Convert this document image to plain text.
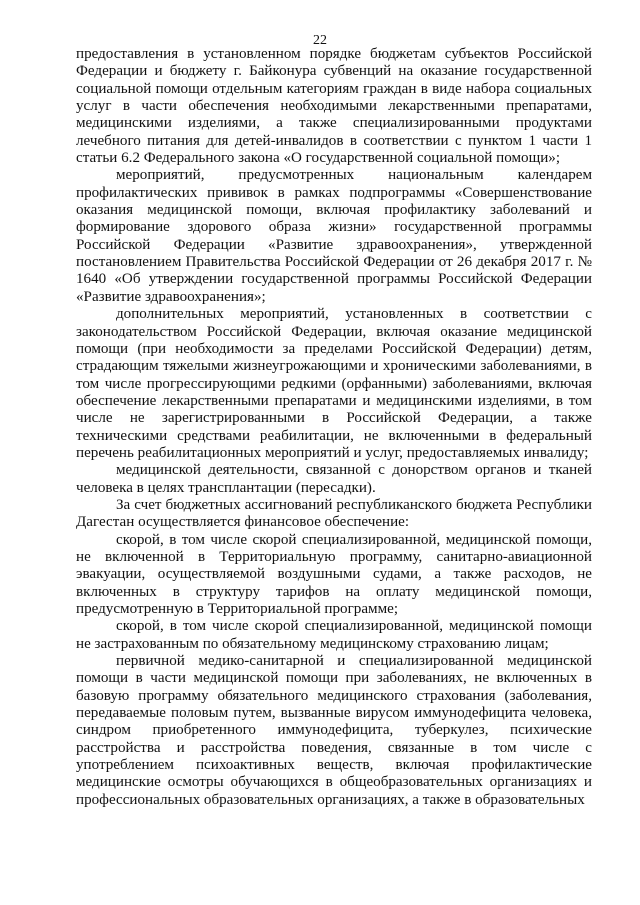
22

предоставления в установленном порядке бюджетам субъектов Российской Федерации и бюджету г. Байконура субвенций на оказание государственной социальной помощи отдельным категориям граждан в виде набора социальных услуг в части обеспечения необходимыми лекарственными препаратами, медицинскими изделиями, а также специализированными продуктами лечебного питания для детей-инвалидов в соответствии с пунктом 1 части 1 статьи 6.2 Федерального закона «О государственной социальной помощи»;

мероприятий, предусмотренных национальным календарем профилактических прививок в рамках подпрограммы «Совершенствование оказания медицинской помощи, включая профилактику заболеваний и формирование здорового образа жизни» государственной программы Российской Федерации «Развитие здравоохранения», утвержденной постановлением Правительства Российской Федерации от 26 декабря 2017 г. № 1640 «Об утверждении государственной программы Российской Федерации «Развитие здравоохранения»;

дополнительных мероприятий, установленных в соответствии с законодательством Российской Федерации, включая оказание медицинской помощи (при необходимости за пределами Российской Федерации) детям, страдающим тяжелыми жизнеугрожающими и хроническими заболеваниями, в том числе прогрессирующими редкими (орфанными) заболеваниями, включая обеспечение лекарственными препаратами и медицинскими изделиями, в том числе не зарегистрированными в Российской Федерации, а также техническими средствами реабилитации, не включенными в федеральный перечень реабилитационных мероприятий и услуг, предоставляемых инвалиду;

медицинской деятельности, связанной с донорством органов и тканей человека в целях трансплантации (пересадки).

За счет бюджетных ассигнований республиканского бюджета Республики Дагестан осуществляется финансовое обеспечение:

скорой, в том числе скорой специализированной, медицинской помощи, не включенной в Территориальную программу, санитарно-авиационной эвакуации, осуществляемой воздушными судами, а также расходов, не включенных в структуру тарифов на оплату медицинской помощи, предусмотренную в Территориальной программе;

скорой, в том числе скорой специализированной, медицинской помощи не застрахованным по обязательному медицинскому страхованию лицам;

первичной медико-санитарной и специализированной медицинской помощи в части медицинской помощи при заболеваниях, не включенных в базовую программу обязательного медицинского страхования (заболевания, передаваемые половым путем, вызванные вирусом иммунодефицита человека, синдром приобретенного иммунодефицита, туберкулез, психические расстройства и расстройства поведения, связанные в том числе с употреблением психоактивных веществ, включая профилактические медицинские осмотры обучающихся в общеобразовательных организациях и профессиональных образовательных организациях, а также в образовательных
